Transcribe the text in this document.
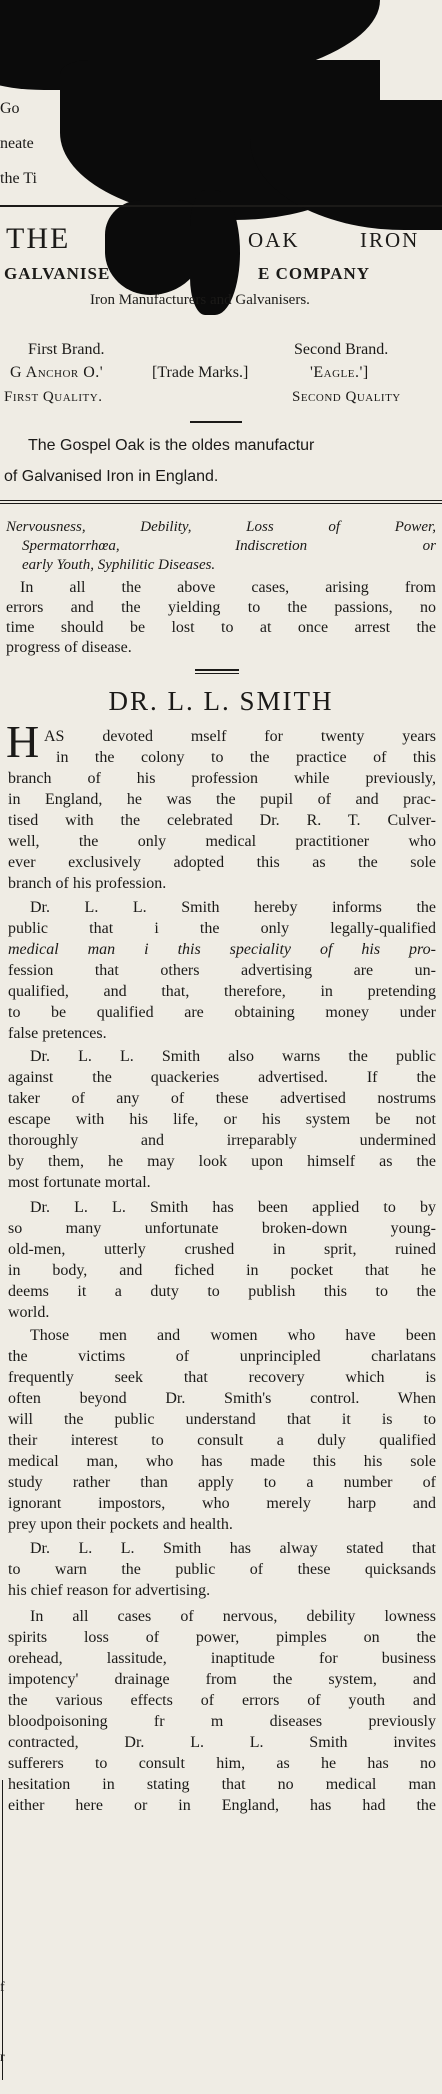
Go
neate
the Ti
THE	OAK	IRON
GALVANISE	E COMPANY
Iron Manufacturers and Galvanisers.
First Brand.	Second Brand.
G Anchor O.'	[Trade Marks.]	'Eagle.']
First Quality.	Second Quality
The Gospel Oak is the oldes manufactur
of Galvanised Iron in England.

Nervousness, Debility, Loss of Power,

Spermatorrhœa, Indiscretion or

early Youth, Syphilitic Diseases.

In all the above cases, arising from

errors and the yielding to the passions, no

time should be lost to at once arrest the

progress of disease.

DR. L. L. SMITH
H AS devoted mself for twenty years

in the colony to the practice of this

branch of his profession while previously,

in England, he was the pupil of and prac-

tised with the celebrated Dr. R. T. Culver-

well, the only medical practitioner who

ever exclusively adopted this as the sole

branch of his profession.

Dr. L. L. Smith hereby informs the

public that i the only legally-qualified

medical man i this speciality of his pro-

fession that others advertising are un-

qualified, and that, therefore, in pretending

to be qualified are obtaining money under

false pretences.

Dr. L. L. Smith also warns the public

against the quackeries advertised. If the

taker of any of these advertised nostrums

escape with his life, or his system be not

thoroughly and irreparably undermined

by them, he may look upon himself as the

most fortunate mortal.

Dr. L. L. Smith has been applied to by

so many unfortunate broken-down young-

old-men, utterly crushed in sprit, ruined

in body, and fiched in pocket that he

deems it a duty to publish this to the

world.

Those men and women who have been

the victims of unprincipled charlatans

frequently seek that recovery which is

often beyond Dr. Smith's control. When

will the public understand that it is to

their interest to consult a duly qualified

medical man, who has made this his sole

study rather than apply to a number of

ignorant impostors, who merely harp and

prey upon their pockets and health.

Dr. L. L. Smith has alway stated that

to warn the public of these quicksands

his chief reason for advertising.

In all cases of nervous, debility lowness

spirits loss of power, pimples on the

orehead, lassitude, inaptitude for business

impotency' drainage from the system, and

the various effects of errors of youth and

bloodpoisoning fr m diseases previously

contracted, Dr. L. L. Smith invites

sufferers to consult him, as he has no

hesitation in stating that no medical man

either here or in England, has had the

f
r
